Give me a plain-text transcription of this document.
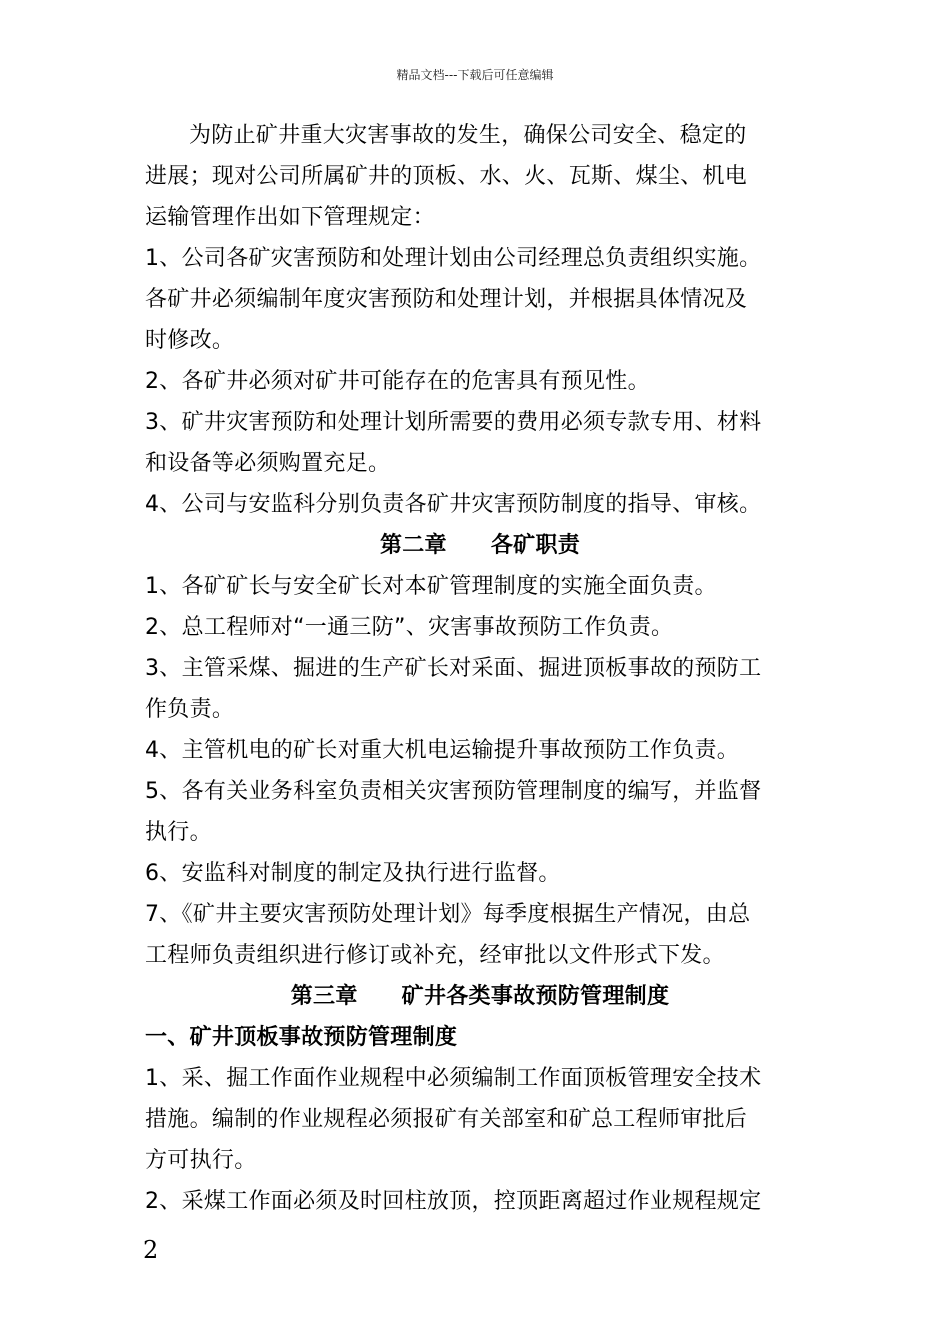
精品文档---下载后可任意编辑
为防止矿井重大灾害事故的发生，确保公司安全、稳定的
进展；现对公司所属矿井的顶板、水、火、瓦斯、煤尘、机电
运输管理作出如下管理规定：
1、公司各矿灾害预防和处理计划由公司经理总负责组织实施。
各矿井必须编制年度灾害预防和处理计划，并根据具体情况及
时修改。
2、各矿井必须对矿井可能存在的危害具有预见性。
3、矿井灾害预防和处理计划所需要的费用必须专款专用、材料
和设备等必须购置充足。
4、公司与安监科分别负责各矿井灾害预防制度的指导、审核。
第二章 各矿职责
1、各矿矿长与安全矿长对本矿管理制度的实施全面负责。
2、总工程师对“一通三防”、灾害事故预防工作负责。
3、主管采煤、掘进的生产矿长对采面、掘进顶板事故的预防工
作负责。
4、主管机电的矿长对重大机电运输提升事故预防工作负责。
5、各有关业务科室负责相关灾害预防管理制度的编写，并监督
执行。
6、安监科对制度的制定及执行进行监督。
7、《矿井主要灾害预防处理计划》每季度根据生产情况，由总
工程师负责组织进行修订或补充，经审批以文件形式下发。
第三章 矿井各类事故预防管理制度
一、矿井顶板事故预防管理制度
1、采、掘工作面作业规程中必须编制工作面顶板管理安全技术
措施。编制的作业规程必须报矿有关部室和矿总工程师审批后
方可执行。
2、采煤工作面必须及时回柱放顶，控顶距离超过作业规程规定
2
